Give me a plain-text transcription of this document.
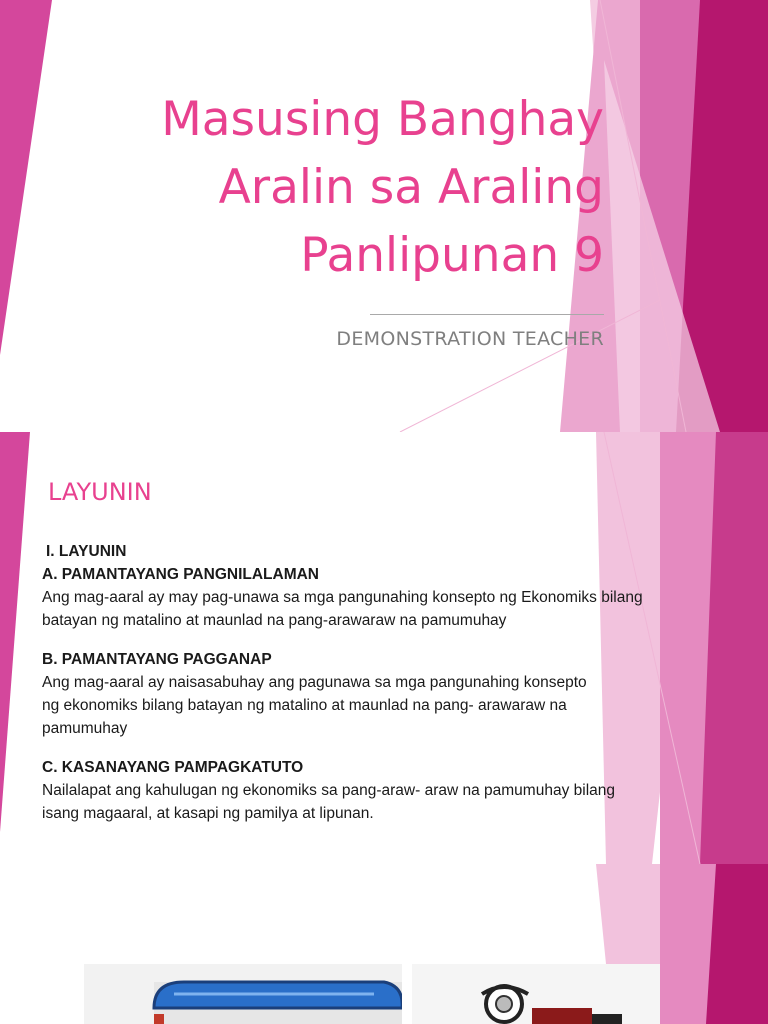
Masusing Banghay
Aralin sa Araling
Panlipunan 9
DEMONSTRATION TEACHER
LAYUNIN
I. LAYUNIN
A. PAMANTAYANG PANGNILALAMAN
Ang mag-aaral ay may pag-unawa sa mga pangunahing konsepto ng Ekonomiks bilang
batayan ng matalino at maunlad na pang-arawaraw na pamumuhay
B. PAMANTAYANG PAGGANAP
Ang mag-aaral ay naisasabuhay ang pagunawa sa mga pangunahing konsepto
ng ekonomiks bilang batayan ng matalino at maunlad na pang- arawaraw na
pamumuhay
C. KASANAYANG PAMPAGKATUTO
Nailalapat ang kahulugan ng ekonomiks sa pang-araw- araw na pamumuhay bilang
isang magaaral, at kasapi ng pamilya at lipunan.
